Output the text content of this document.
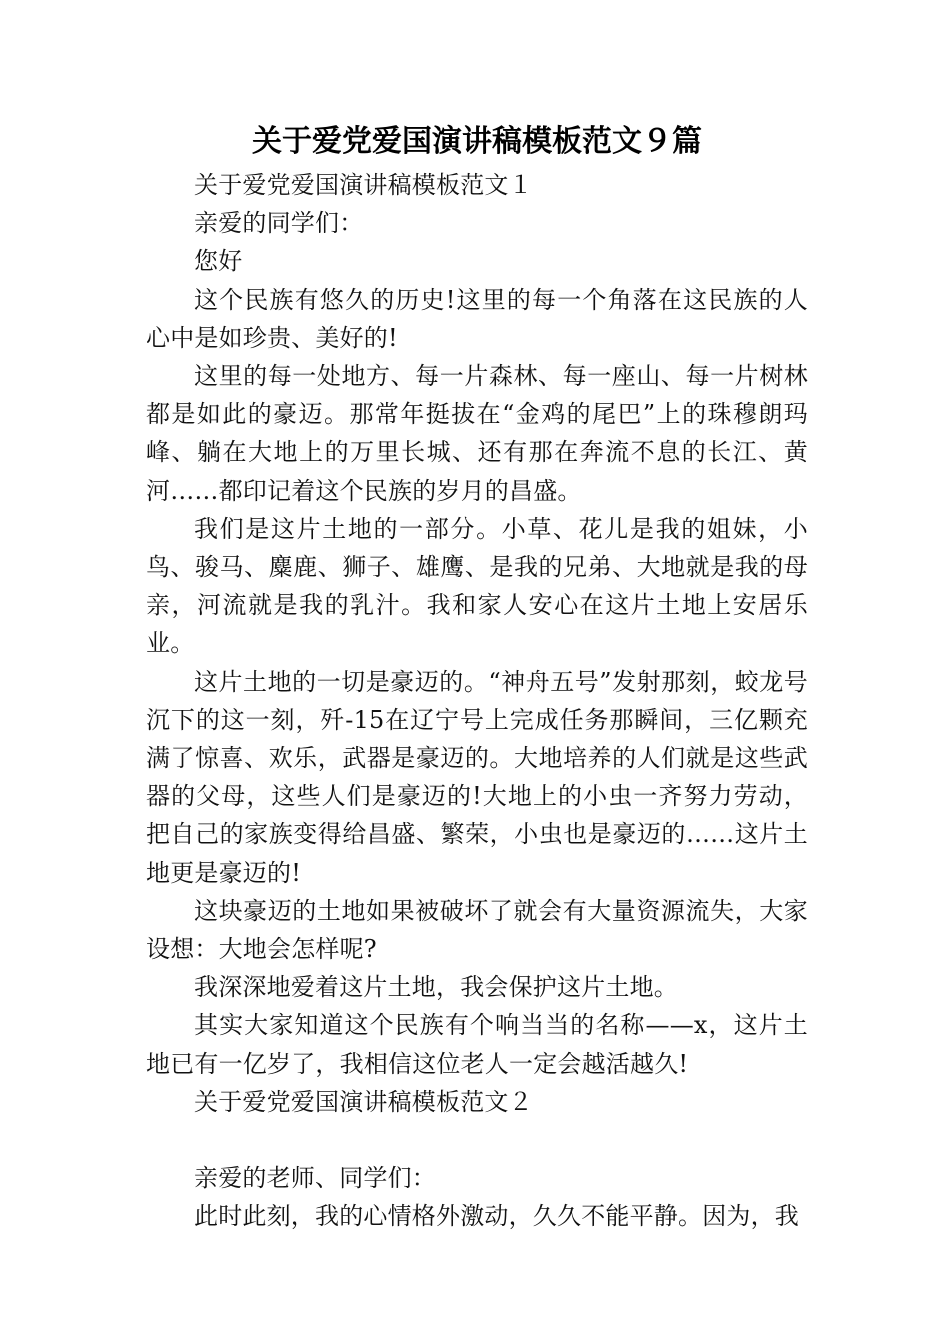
关于爱党爱国演讲稿模板范文９篇

关于爱党爱国演讲稿模板范文１

亲爱的同学们：

您好

这个民族有悠久的历史!这里的每一个角落在这民族的人心中是如珍贵、美好的!

这里的每一处地方、每一片森林、每一座山、每一片树林都是如此的豪迈。那常年挺拔在“金鸡的尾巴”上的珠穆朗玛峰、躺在大地上的万里长城、还有那在奔流不息的长江、黄河……都印记着这个民族的岁月的昌盛。

我们是这片土地的一部分。小草、花儿是我的姐妹，小鸟、骏马、麋鹿、狮子、雄鹰、是我的兄弟、大地就是我的母亲，河流就是我的乳汁。我和家人安心在这片土地上安居乐业。

这片土地的一切是豪迈的。“神舟五号”发射那刻，蛟龙号沉下的这一刻，歼-15在辽宁号上完成任务那瞬间，三亿颗充满了惊喜、欢乐，武器是豪迈的。大地培养的人们就是这些武器的父母，这些人们是豪迈的!大地上的小虫一齐努力劳动，把自己的家族变得给昌盛、繁荣，小虫也是豪迈的……这片土地更是豪迈的!

这块豪迈的土地如果被破坏了就会有大量资源流失，大家设想：大地会怎样呢?

我深深地爱着这片土地，我会保护这片土地。

其实大家知道这个民族有个响当当的名称——x，这片土地已有一亿岁了，我相信这位老人一定会越活越久!

关于爱党爱国演讲稿模板范文２

亲爱的老师、同学们：

此时此刻，我的心情格外激动，久久不能平静。因为，我
